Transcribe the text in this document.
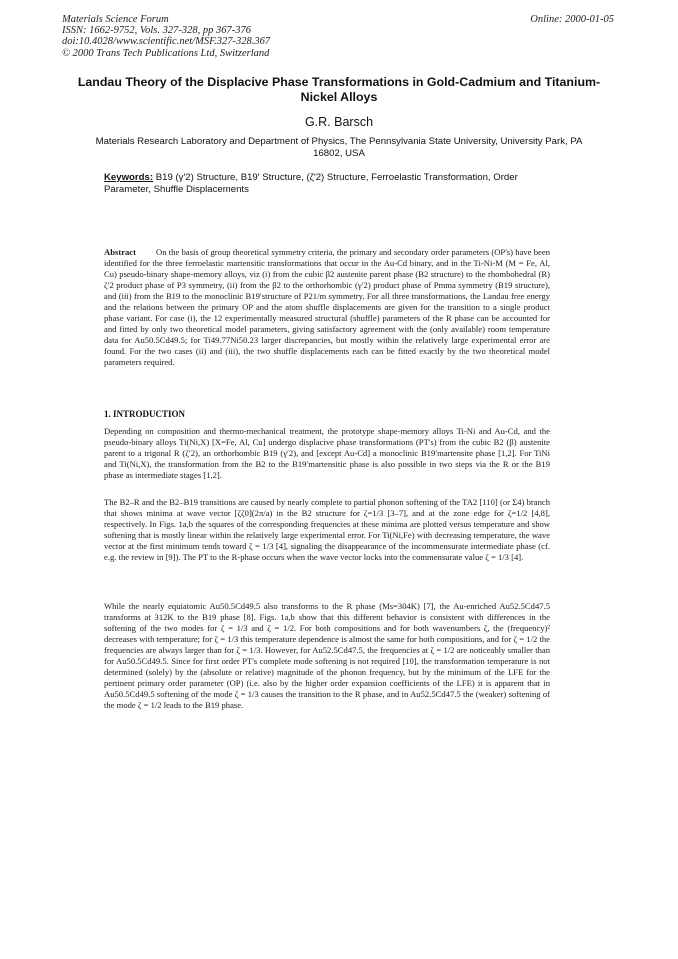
Materials Science Forum
ISSN: 1662-9752, Vols. 327-328, pp 367-376
doi:10.4028/www.scientific.net/MSF.327-328.367
© 2000 Trans Tech Publications Ltd, Switzerland
Online: 2000-01-05
Landau Theory of the Displacive Phase Transformations in Gold-Cadmium and Titanium-Nickel Alloys
G.R. Barsch
Materials Research Laboratory and Department of Physics, The Pennsylvania State University, University Park, PA 16802, USA
Keywords: B19 (γ′2) Structure, B19′ Structure, (ζ′2) Structure, Ferroelastic Transformation, Order Parameter, Shuffle Displacements
Abstract On the basis of group theoretical symmetry criteria, the primary and secondary order parameters (OP's) have been identified for the three ferroelastic martensitic transformations that occur in the Au-Cd binary, and in the Ti-Ni-M (M = Fe, Al, Cu) pseudo-binary shape-memory alloys, viz (i) from the cubic β2 austenite parent phase (B2 structure) to the rhombohedral (R) ζ′2 product phase of P3 symmetry, (ii) from the β2 to the orthorhombic (γ′2) product phase of Pmma symmetry (B19 structure), and (iii) from the B19 to the monoclinic B19′structure of P21/m symmetry. For all three transformations, the Landau free energy and the relations between the primary OP and the atom shuffle displacements are given for the transition to a single product phase variant. For case (i), the 12 experimentally measured structural (shuffle) parameters of the R phase can be accounted for and fitted by only two theoretical model parameters, giving satisfactory agreement with the (only available) room temperature data for Au50.5Cd49.5; for Ti49.77Ni50.23 larger discrepancies, but mostly within the relatively large experimental error are found. For the two cases (ii) and (iii), the two shuffle displacements each can be fitted exactly by the two theoretical model parameters required.
1. INTRODUCTION
Depending on composition and thermo-mechanical treatment, the prototype shape-memory alloys Ti-Ni and Au-Cd, and the pseudo-binary alloys Ti(Ni,X) [X=Fe, Al, Cu] undergo displacive phase transformations (PT's) from the cubic B2 (β) austenite parent to a trigonal R (ζ′2), an orthorhombic B19 (γ′2), and [except Au-Cd] a monoclinic B19′martensite phase [1,2]. For TiNi and Ti(Ni,X), the transformation from the B2 to the B19′martensitic phase is also possible in two steps via the R or the B19 phase as intermediate stages [1,2].
The B2–R and the B2–B19 transitions are caused by nearly complete to partial phonon softening of the TA2 [110] (or Σ4) branch that shows minima at wave vector [ζζ0](2π/a) in the B2 structure for ζ=1/3 [3–7], and at the zone edge for ζ=1/2 [4,8], respectively. In Figs. 1a,b the squares of the corresponding frequencies at these minima are plotted versus temperature and show softening that is mostly linear within the relatively large experimental error. For Ti(Ni,Fe) with decreasing temperature, the wave vector at the first minimum tends toward ζ = 1/3 [4], signaling the disappearance of the incommensurate intermediate phase (cf. e.g. the review in [9]). The PT to the R-phase occurs when the wave vector locks into the commensurate value ζ = 1/3 [4].
While the nearly equiatomic Au50.5Cd49.5 also transforms to the R phase (Ms=304K) [7], the Au-enriched Au52.5Cd47.5 transforms at 312K to the B19 phase [8]. Figs. 1a,b show that this different behavior is consistent with differences in the softening of the two modes for ζ = 1/3 and ζ = 1/2. For both compositions and for both wavenumbers ζ, the (frequency)² decreases with temperature; for ζ = 1/3 this temperature dependence is almost the same for both compositions, and for ζ = 1/2 the frequencies are always larger than for ζ = 1/3. However, for Au52.5Cd47.5, the frequencies at ζ = 1/2 are noticeably smaller than for Au50.5Cd49.5. Since for first order PT's complete mode softening is not required [10], the transformation temperature is not determined (solely) by the (absolute or relative) magnitude of the phonon frequency, but by the minimum of the LFE for the pertinent primary order parameter (OP) (i.e. also by the higher order expansion coefficients of the LFE) it is apparent that in Au50.5Cd49.5 softening of the mode ζ = 1/3 causes the transition to the R phase, and in Au52.5Cd47.5 the (weaker) softening of the mode ζ = 1/2 leads to the B19 phase.
